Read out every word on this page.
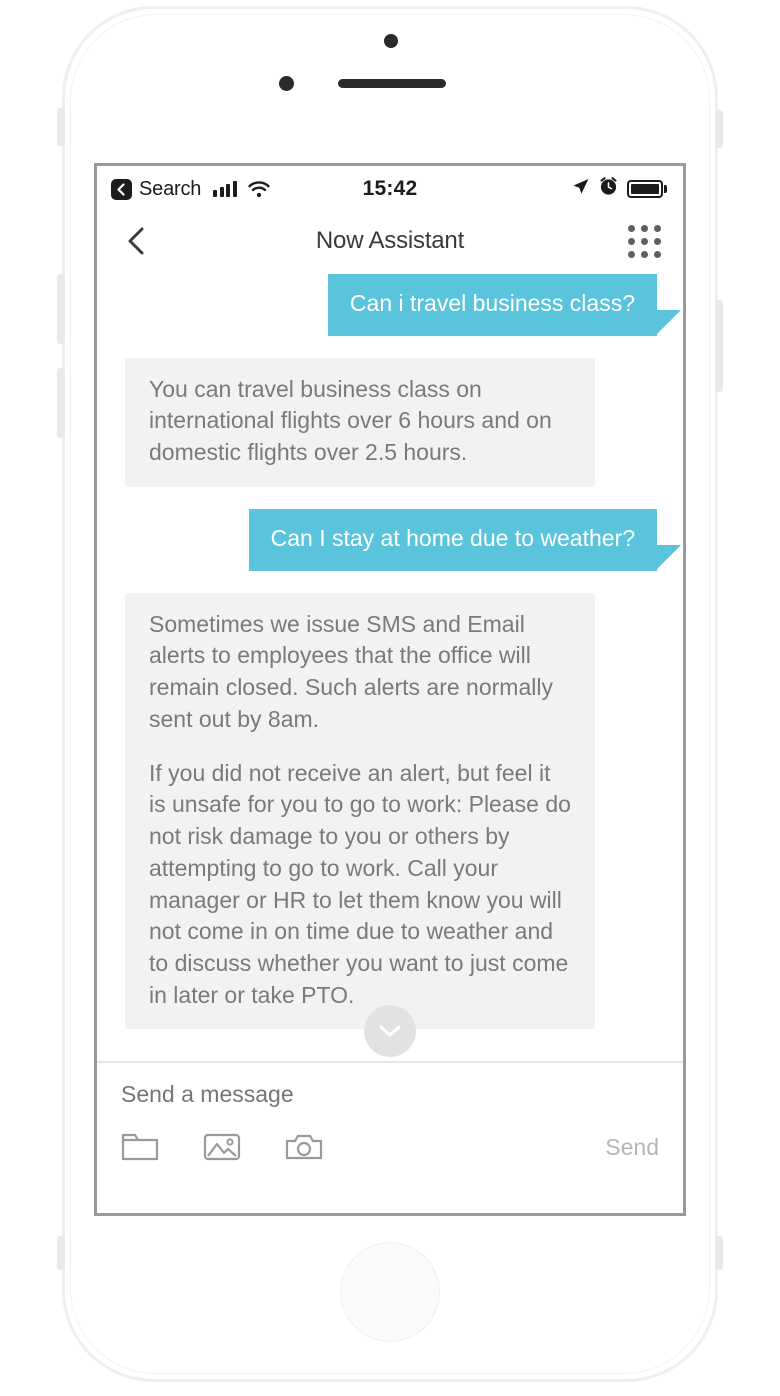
Search	15:42
Now Assistant
Can i travel business class?

You can travel business class on international flights over 6 hours and on domestic flights over 2.5 hours.

Can I stay at home due to weather?

Sometimes we issue SMS and Email alerts to employees that the office will remain closed. Such alerts are normally sent out by 8am.

If you did not receive an alert, but feel it is unsafe for you to go to work: Please do not risk damage to you or others by attempting to go to work. Call your manager or HR to let them know you will not come in on time due to weather and to discuss whether you want to just come in later or take PTO.

Send a message
Send
